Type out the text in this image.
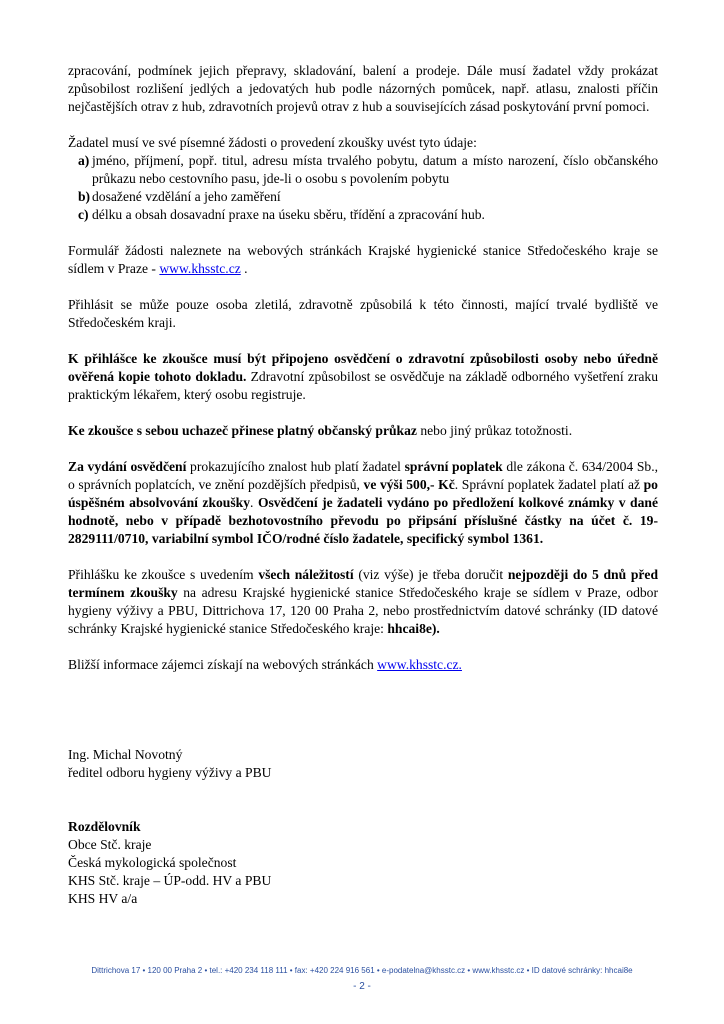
zpracování, podmínek jejich přepravy, skladování, balení a prodeje. Dále musí žadatel vždy prokázat způsobilost rozlišení jedlých a jedovatých hub podle názorných pomůcek, např. atlasu, znalosti příčin nejčastějších otrav z hub, zdravotních projevů otrav z hub a souvisejících zásad poskytování první pomoci.

Žadatel musí ve své písemné žádosti o provedení zkoušky uvést tyto údaje:

a) jméno, příjmení, popř. titul, adresu místa trvalého pobytu, datum a místo narození, číslo občanského průkazu nebo cestovního pasu, jde-li o osobu s povolením pobytu
b) dosažené vzdělání a jeho zaměření
c) délku a obsah dosavadní praxe na úseku sběru, třídění a zpracování hub.

Formulář žádosti naleznete na webových stránkách Krajské hygienické stanice Středočeského kraje se sídlem v Praze - www.khsstc.cz .

Přihlásit se může pouze osoba zletilá, zdravotně způsobilá k této činnosti, mající trvalé bydliště ve Středočeském kraji.

K přihlášce ke zkoušce musí být připojeno osvědčení o zdravotní způsobilosti osoby nebo úředně ověřená kopie tohoto dokladu. Zdravotní způsobilost se osvědčuje na základě odborného vyšetření zraku praktickým lékařem, který osobu registruje.

Ke zkoušce s sebou uchazeč přinese platný občanský průkaz nebo jiný průkaz totožnosti.

Za vydání osvědčení prokazujícího znalost hub platí žadatel správní poplatek dle zákona č. 634/2004 Sb., o správních poplatcích, ve znění pozdějších předpisů, ve výši 500,- Kč. Správní poplatek žadatel platí až po úspěšném absolvování zkoušky. Osvědčení je žadateli vydáno po předložení kolkové známky v dané hodnotě, nebo v případě bezhotovostního převodu po připsání příslušné částky na účet č. 19-2829111/0710, variabilní symbol IČO/rodné číslo žadatele, specifický symbol 1361.

Přihlášku ke zkoušce s uvedením všech náležitostí (viz výše) je třeba doručit nejpozději do 5 dnů před termínem zkoušky na adresu Krajské hygienické stanice Středočeského kraje se sídlem v Praze, odbor hygieny výživy a PBU, Dittrichova 17, 120 00 Praha 2, nebo prostřednictvím datové schránky (ID datové schránky Krajské hygienické stanice Středočeského kraje: hhcai8e).

Bližší informace zájemci získají na webových stránkách www.khsstc.cz.

Ing. Michal Novotný

ředitel odboru hygieny výživy a PBU

Rozdělovník

Obce Stč. kraje

Česká mykologická společnost

KHS Stč. kraje – ÚP-odd. HV a PBU

KHS HV a/a

Dittrichova 17 • 120 00 Praha 2 • tel.: +420 234 118 111 • fax: +420 224 916 561 • e-podatelna@khsstc.cz • www.khsstc.cz • ID datové schránky: hhcai8e
- 2 -
